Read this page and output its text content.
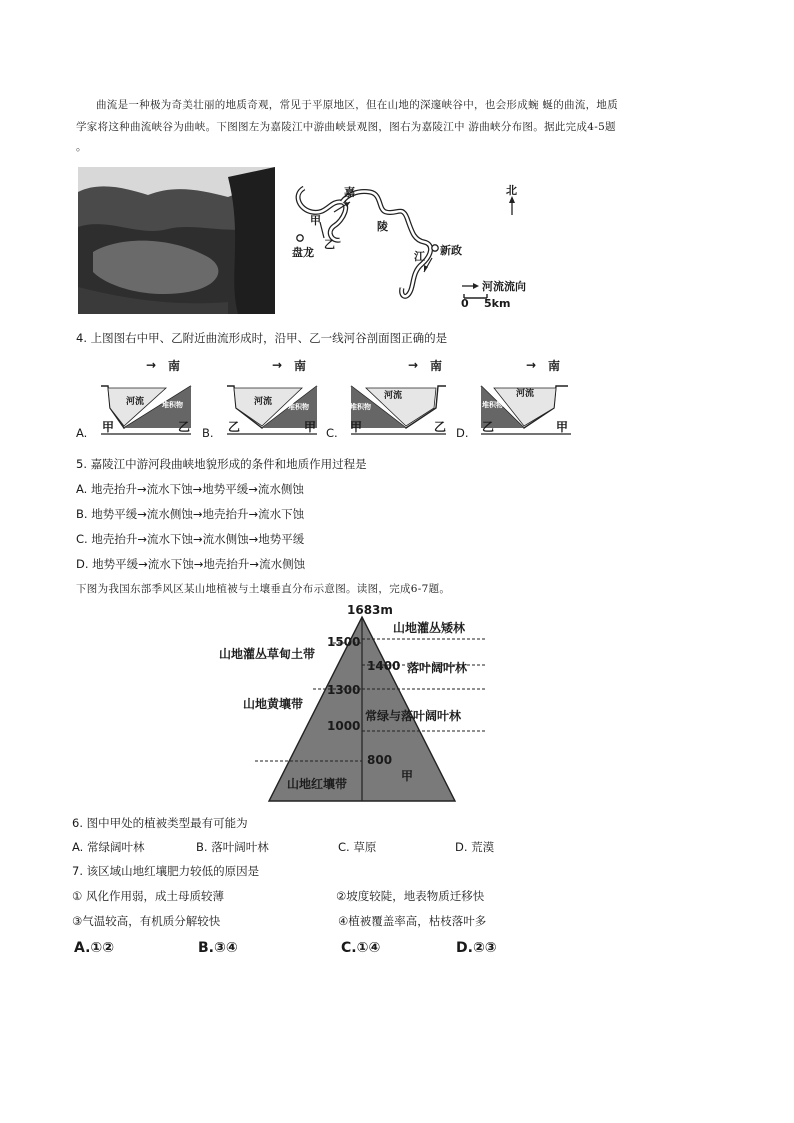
曲流是一种极为奇美壮丽的地质奇观，常见于平原地区，但在山地的深邃峡谷中，也会形成蜿 蜒的曲流，地质
学家将这种曲流峡谷为曲峡。下图图左为嘉陵江中游曲峡景观图，图右为嘉陵江中 游曲峡分布图。据此完成4-5题
。
甲
乙
盘龙
嘉
陵
江 新政
北
河流流向
0 5km
4. 上图图右中甲、乙附近曲流形成时，沿甲、乙一线河谷剖面图正确的是
A.
→ 南
河流	堆积物
甲	乙 B.
→ 南
河流 堆积物
乙	甲 C.
→ 南
河流
堆积物
甲	乙 D.
→ 南
河流
堆积物
乙	甲
5. 嘉陵江中游河段曲峡地貌形成的条件和地质作用过程是
A. 地壳抬升→流水下蚀→地势平缓→流水侧蚀
B. 地势平缓→流水侧蚀→地壳抬升→流水下蚀
C. 地壳抬升→流水下蚀→流水侧蚀→地势平缓
D. 地势平缓→流水下蚀→地壳抬升→流水侧蚀
下图为我国东部季风区某山地植被与土壤垂直分布示意图。读图，完成6-7题。
1683m
1500
1400
1300
1000
800
山地灌丛草甸土带
山地黄壤带
山地红壤带
山地灌丛矮林
落叶阔叶林
常绿与落叶阔叶林
甲
6. 图中甲处的植被类型最有可能为
A. 常绿阔叶林	B. 落叶阔叶林	C. 草原	D. 荒漠
7. 该区域山地红壤肥力较低的原因是
① 风化作用弱，成土母质较薄	②坡度较陡，地表物质迁移快
③气温较高，有机质分解较快	④植被覆盖率高，枯枝落叶多
A.①②	B.③④	C.①④	D.②③
